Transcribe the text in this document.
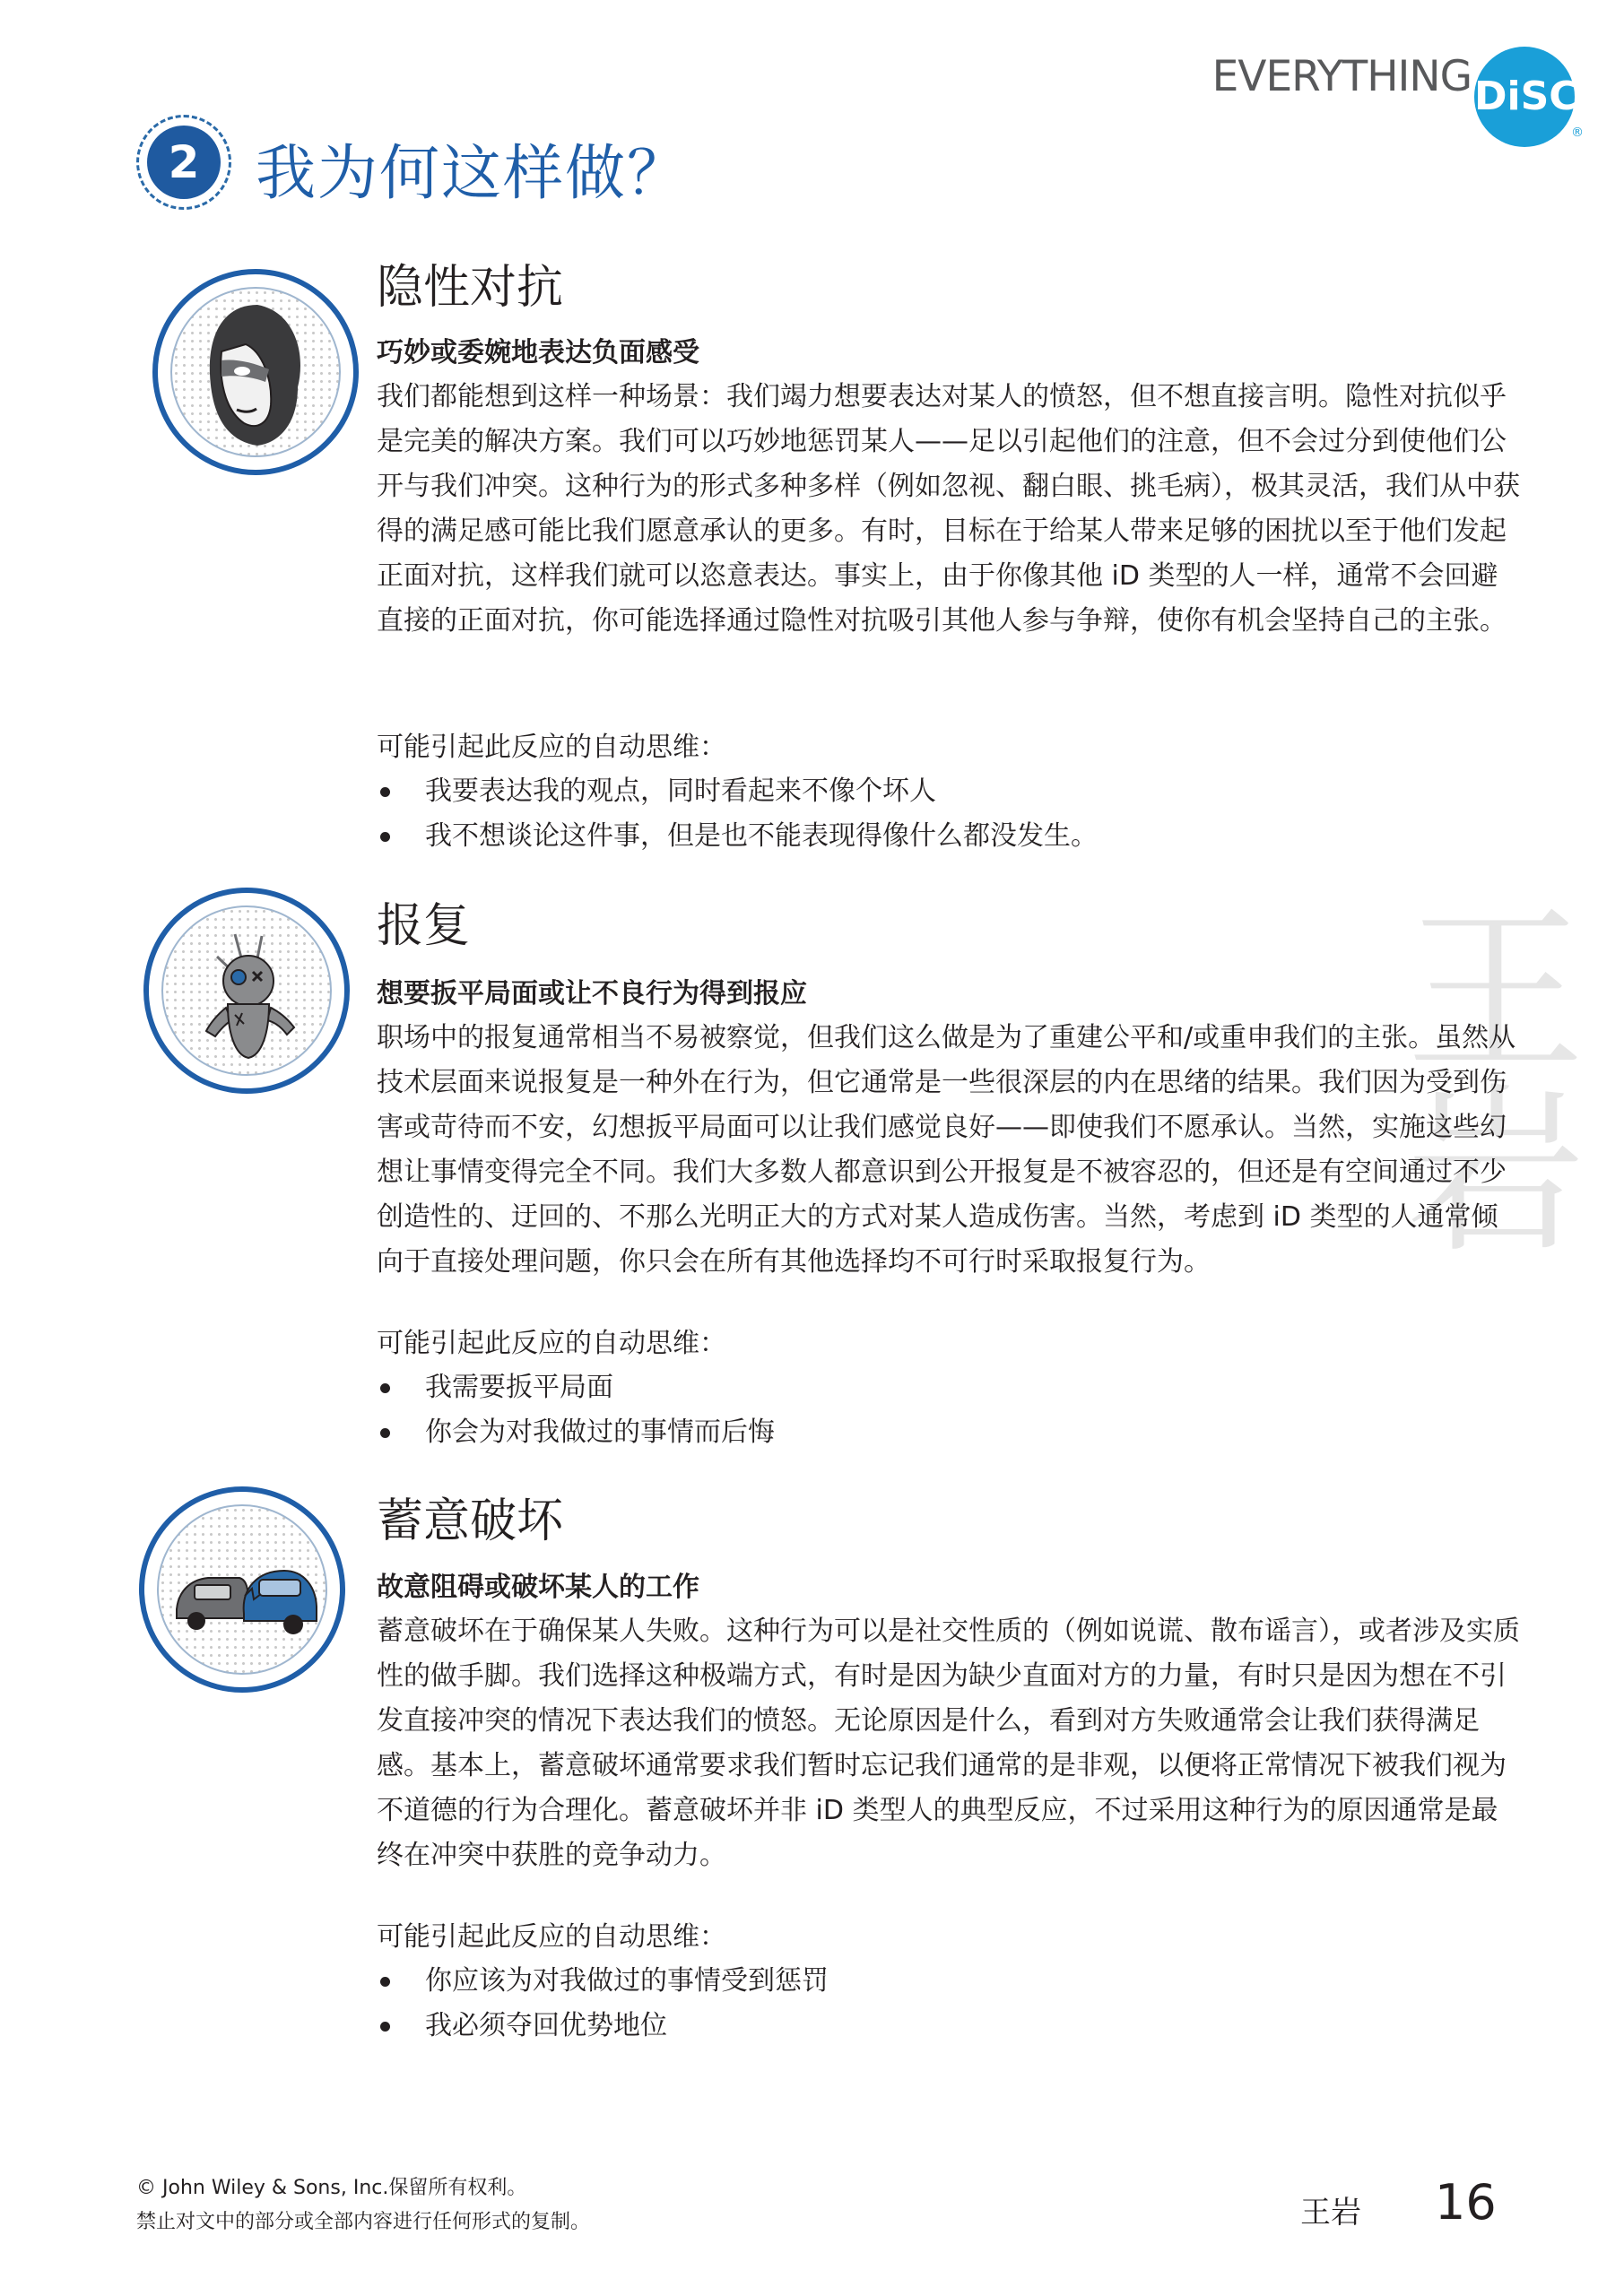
EVERYTHING DiSC
®
2 我为何这样做？
王岩
隐性对抗
巧妙或委婉地表达负面感受

我们都能想到这样一种场景：我们竭力想要表达对某人的愤怒，但不想直接言明。隐性对抗似乎是完美的解决方案。我们可以巧妙地惩罚某人——足以引起他们的注意，但不会过分到使他们公开与我们冲突。这种行为的形式多种多样（例如忽视、翻白眼、挑毛病），极其灵活，我们从中获得的满足感可能比我们愿意承认的更多。有时，目标在于给某人带来足够的困扰以至于他们发起正面对抗，这样我们就可以恣意表达。事实上，由于你像其他 iD 类型的人一样，通常不会回避直接的正面对抗，你可能选择通过隐性对抗吸引其他人参与争辩，使你有机会坚持自己的主张。

可能引起此反应的自动思维：
我要表达我的观点，同时看起来不像个坏人
我不想谈论这件事，但是也不能表现得像什么都没发生。
报复
想要扳平局面或让不良行为得到报应

职场中的报复通常相当不易被察觉，但我们这么做是为了重建公平和/或重申我们的主张。虽然从技术层面来说报复是一种外在行为，但它通常是一些很深层的内在思绪的结果。我们因为受到伤害或苛待而不安，幻想扳平局面可以让我们感觉良好——即使我们不愿承认。当然，实施这些幻想让事情变得完全不同。我们大多数人都意识到公开报复是不被容忍的，但还是有空间通过不少创造性的、迂回的、不那么光明正大的方式对某人造成伤害。当然，考虑到 iD 类型的人通常倾向于直接处理问题，你只会在所有其他选择均不可行时采取报复行为。

可能引起此反应的自动思维：
我需要扳平局面
你会为对我做过的事情而后悔
蓄意破坏
故意阻碍或破坏某人的工作

蓄意破坏在于确保某人失败。这种行为可以是社交性质的（例如说谎、散布谣言），或者涉及实质性的做手脚。我们选择这种极端方式，有时是因为缺少直面对方的力量，有时只是因为想在不引发直接冲突的情况下表达我们的愤怒。无论原因是什么，看到对方失败通常会让我们获得满足感。基本上，蓄意破坏通常要求我们暂时忘记我们通常的是非观，以便将正常情况下被我们视为不道德的行为合理化。蓄意破坏并非 iD 类型人的典型反应，不过采用这种行为的原因通常是最终在冲突中获胜的竞争动力。

可能引起此反应的自动思维：
你应该为对我做过的事情受到惩罚
我必须夺回优势地位
© John Wiley & Sons, Inc.保留所有权利。
禁止对文中的部分或全部内容进行任何形式的复制。	王岩 16
